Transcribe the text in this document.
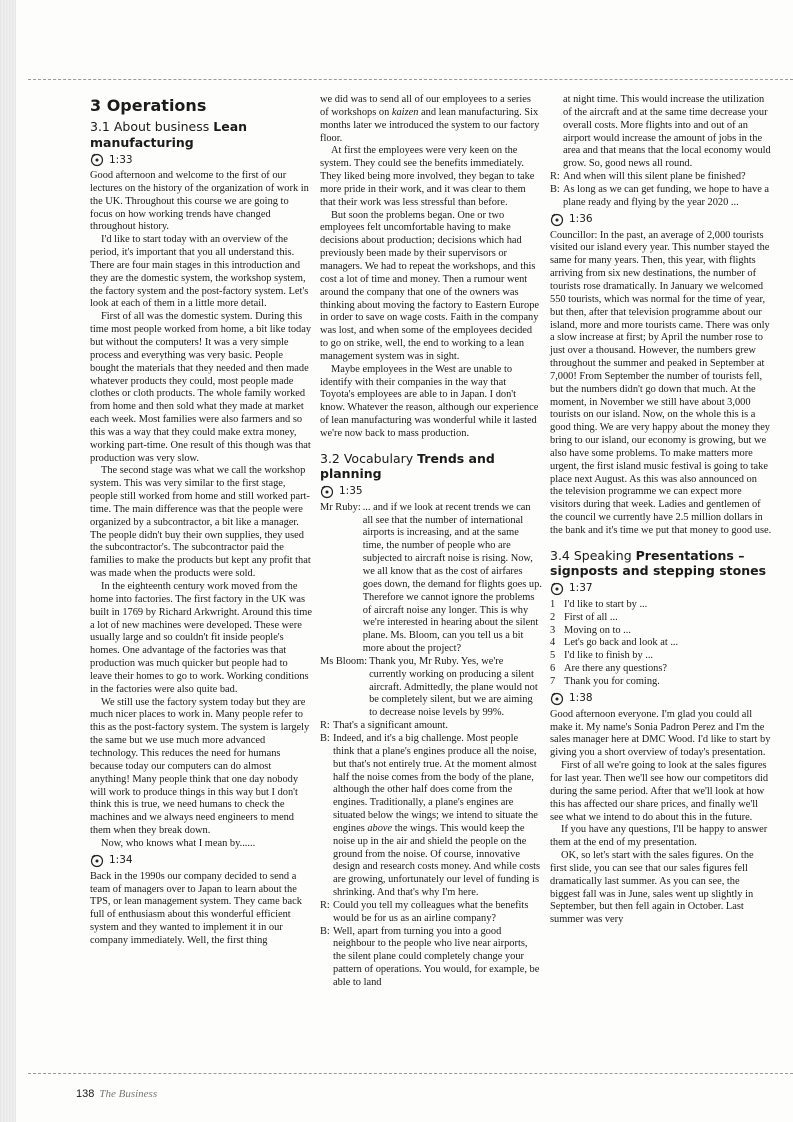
3 Operations
3.1 About business Lean manufacturing
1:33

Good afternoon and welcome to the first of our lectures on the history of the organization of work in the UK. Throughout this course we are going to focus on how working trends have changed throughout history.

I'd like to start today with an overview of the period, it's important that you all understand this. There are four main stages in this introduction and they are the domestic system, the workshop system, the factory system and the post-factory system. Let's look at each of them in a little more detail.

First of all was the domestic system. During this time most people worked from home, a bit like today but without the computers! It was a very simple process and everything was very basic. People bought the materials that they needed and then made whatever products they could, most people made clothes or cloth products. The whole family worked from home and then sold what they made at market each week. Most families were also farmers and so this was a way that they could make extra money, working part-time. One result of this though was that production was very slow.

The second stage was what we call the workshop system. This was very similar to the first stage, people still worked from home and still worked part-time. The main difference was that the people were organized by a subcontractor, a bit like a manager. The people didn't buy their own supplies, they used the subcontractor's. The subcontractor paid the families to make the products but kept any profit that was made when the products were sold.

In the eighteenth century work moved from the home into factories. The first factory in the UK was built in 1769 by Richard Arkwright. Around this time a lot of new machines were developed. These were usually large and so couldn't fit inside people's homes. One advantage of the factories was that production was much quicker but people had to leave their homes to go to work. Working conditions in the factories were also quite bad.

We still use the factory system today but they are much nicer places to work in. Many people refer to this as the post-factory system. The system is largely the same but we use much more advanced technology. This reduces the need for humans because today our computers can do almost anything! Many people think that one day nobody will work to produce things in this way but I don't think this is true, we need humans to check the machines and we always need engineers to mend them when they break down.

Now, who knows what I mean by......

1:34

Back in the 1990s our company decided to send a team of managers over to Japan to learn about the TPS, or lean management system. They came back full of enthusiasm about this wonderful efficient system and they wanted to implement it in our company immediately. Well, the first thing

we did was to send all of our employees to a series of workshops on kaizen and lean manufacturing. Six months later we introduced the system to our factory floor.

At first the employees were very keen on the system. They could see the benefits immediately. They liked being more involved, they began to take more pride in their work, and it was clear to them that their work was less stressful than before.

But soon the problems began. One or two employees felt uncomfortable having to make decisions about production; decisions which had previously been made by their supervisors or managers. We had to repeat the workshops, and this cost a lot of time and money. Then a rumour went around the company that one of the owners was thinking about moving the factory to Eastern Europe in order to save on wage costs. Faith in the company was lost, and when some of the employees decided to go on strike, well, the end to working to a lean management system was in sight.

Maybe employees in the West are unable to identify with their companies in the way that Toyota's employees are able to in Japan. I don't know. Whatever the reason, although our experience of lean manufacturing was wonderful while it lasted we're now back to mass production.

3.2 Vocabulary Trends and planning
1:35
Mr Ruby: ... and if we look at recent trends we can all see that the number of international airports is increasing, and at the same time, the number of people who are subjected to aircraft noise is rising. Now, we all know that as the cost of airfares goes down, the demand for flights goes up. Therefore we cannot ignore the problems of aircraft noise any longer. This is why we're interested in hearing about the silent plane. Ms. Bloom, can you tell us a bit more about the project?
Ms Bloom: Thank you, Mr Ruby. Yes, we're currently working on producing a silent aircraft. Admittedly, the plane would not be completely silent, but we are aiming to decrease noise levels by 99%.
R: That's a significant amount.
B: Indeed, and it's a big challenge. Most people think that a plane's engines produce all the noise, but that's not entirely true. At the moment almost half the noise comes from the body of the plane, although the other half does come from the engines. Traditionally, a plane's engines are situated below the wings; we intend to situate the engines above the wings. This would keep the noise up in the air and shield the people on the ground from the noise. Of course, innovative design and research costs money. And while costs are growing, unfortunately our level of funding is shrinking. And that's why I'm here.
R: Could you tell my colleagues what the benefits would be for us as an airline company?
B: Well, apart from turning you into a good neighbour to the people who live near airports, the silent plane could completely change your pattern of operations. You would, for example, be able to land
at night time. This would increase the utilization of the aircraft and at the same time decrease your overall costs. More flights into and out of an airport would increase the amount of jobs in the area and that means that the local economy would grow. So, good news all round.
R: And when will this silent plane be finished?
B: As long as we can get funding, we hope to have a plane ready and flying by the year 2020 ...
1:36

Councillor: In the past, an average of 2,000 tourists visited our island every year. This number stayed the same for many years. Then, this year, with flights arriving from six new destinations, the number of tourists rose dramatically. In January we welcomed 550 tourists, which was normal for the time of year, but then, after that television programme about our island, more and more tourists came. There was only a slow increase at first; by April the number rose to just over a thousand. However, the numbers grew throughout the summer and peaked in September at 7,000! From September the number of tourists fell, but the numbers didn't go down that much. At the moment, in November we still have about 3,000 tourists on our island. Now, on the whole this is a good thing. We are very happy about the money they bring to our island, our economy is growing, but we also have some problems. To make matters more urgent, the first island music festival is going to take place next August. As this was also announced on the television programme we can expect more visitors during that week. Ladies and gentlemen of the council we currently have 2.5 million dollars in the bank and it's time we put that money to good use.

3.4 Speaking Presentations – signposts and stepping stones
1:37
1 I'd like to start by ...
2 First of all ...
3 Moving on to ...
4 Let's go back and look at ...
5 I'd like to finish by ...
6 Are there any questions?
7 Thank you for coming.
1:38

Good afternoon everyone. I'm glad you could all make it. My name's Sonia Padron Perez and I'm the sales manager here at DMC Wood. I'd like to start by giving you a short overview of today's presentation.

First of all we're going to look at the sales figures for last year. Then we'll see how our competitors did during the same period. After that we'll look at how this has affected our share prices, and finally we'll see what we intend to do about this in the future.

If you have any questions, I'll be happy to answer them at the end of my presentation.

OK, so let's start with the sales figures. On the first slide, you can see that our sales figures fell dramatically last summer. As you can see, the biggest fall was in June, sales went up slightly in September, but then fell again in October. Last summer was very

138 The Business
